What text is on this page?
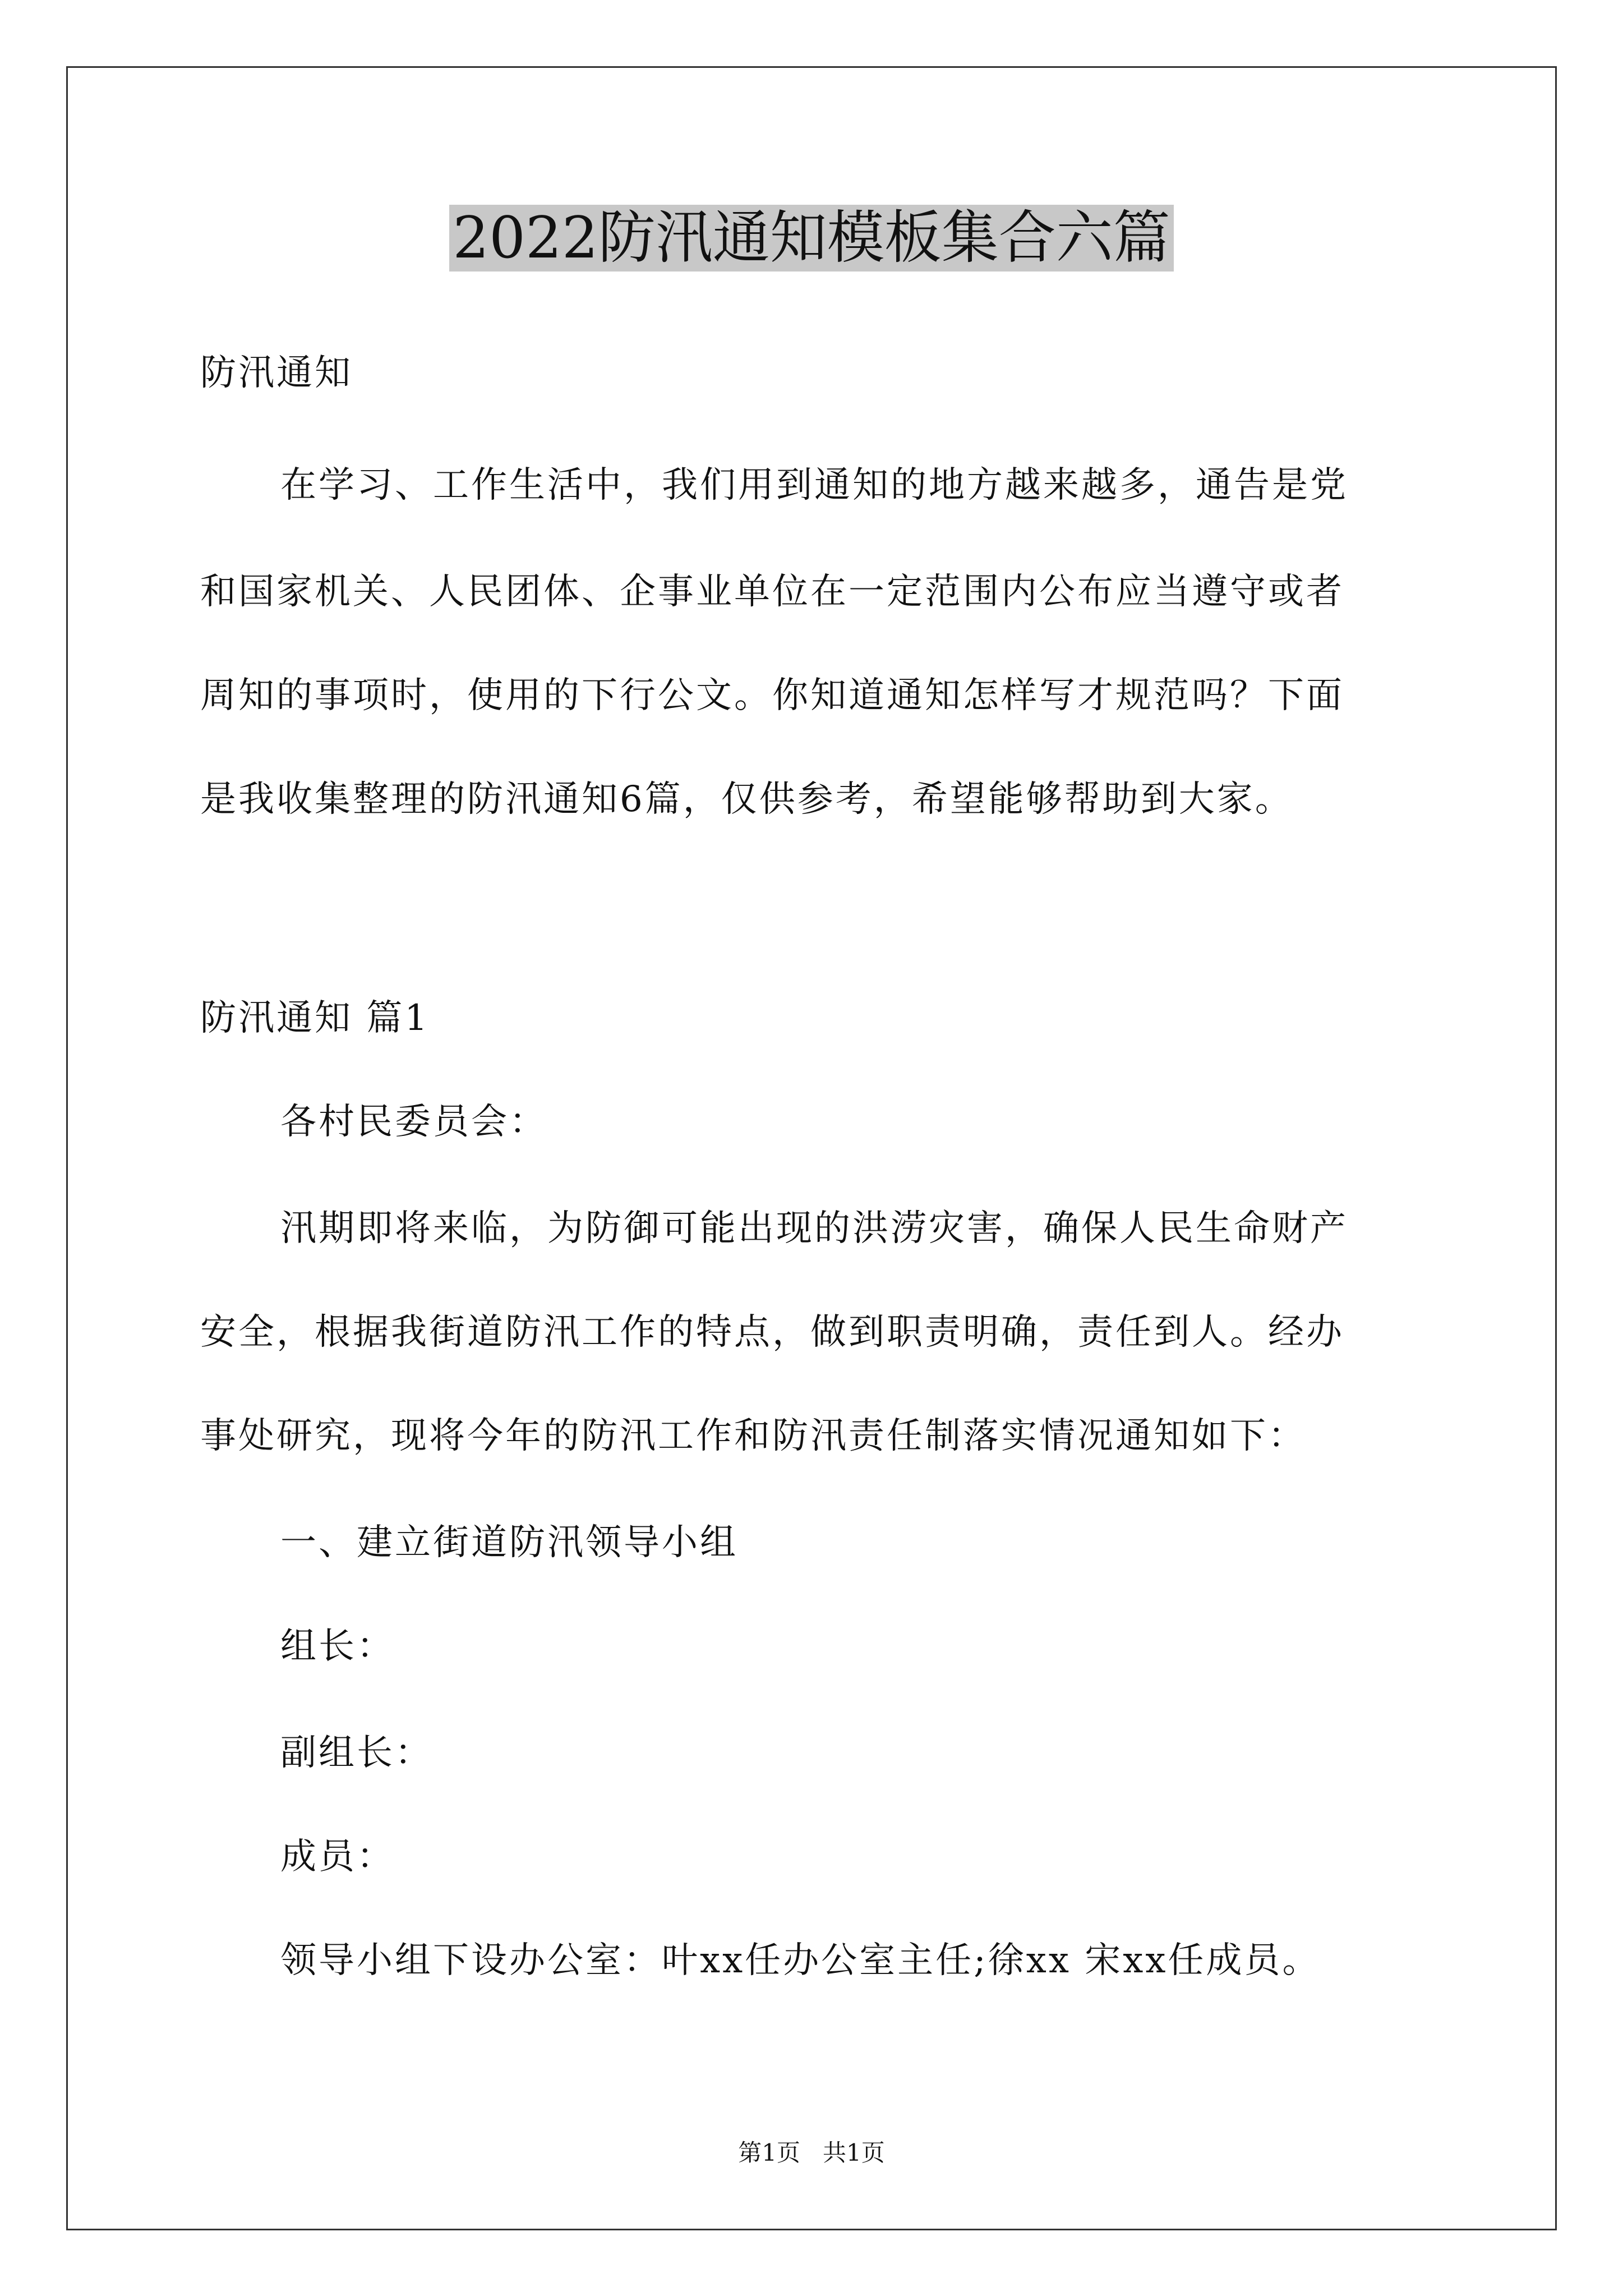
2022防汛通知模板集合六篇

防汛通知

在学习、工作生活中，我们用到通知的地方越来越多，通告是党

和国家机关、人民团体、企事业单位在一定范围内公布应当遵守或者

周知的事项时，使用的下行公文。你知道通知怎样写才规范吗？下面

是我收集整理的防汛通知6篇，仅供参考，希望能够帮助到大家。

防汛通知 篇1

各村民委员会：

汛期即将来临，为防御可能出现的洪涝灾害，确保人民生命财产

安全，根据我街道防汛工作的特点，做到职责明确，责任到人。经办

事处研究，现将今年的防汛工作和防汛责任制落实情况通知如下：

一、建立街道防汛领导小组

组长：

副组长：

成员：

领导小组下设办公室：叶xx任办公室主任;徐xx 宋xx任成员。

第1页   共1页
